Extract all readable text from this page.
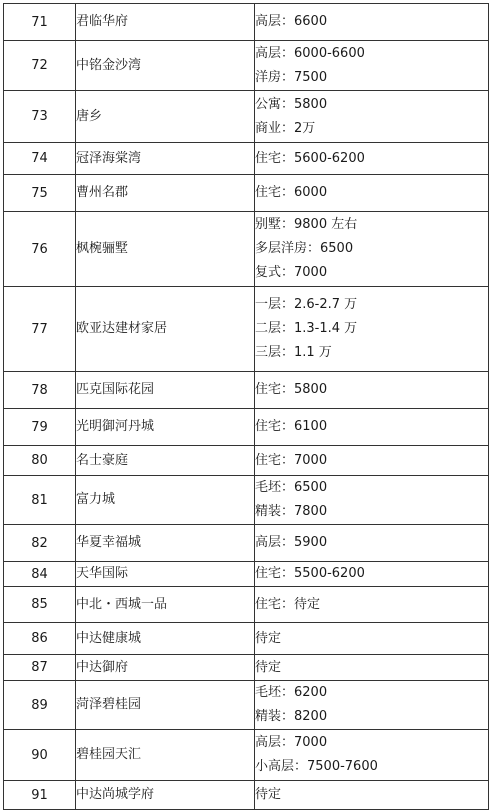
71	君临华府	高层：6600

72	中铭金沙湾	高层：6000-6600
洋房：7500

73	唐乡	公寓：5800
商业：2万

74	冠泽海棠湾	住宅：5600-6200

75	曹州名郡	住宅：6000

76	枫椀骊墅	别墅：9800 左右
多层洋房：6500
复式：7000

77	欧亚达建材家居	一层：2.6-2.7 万
二层：1.3-1.4 万
三层：1.1 万

78	匹克国际花园	住宅：5800

79	光明御河丹城	住宅：6100

80	名士豪庭	住宅：7000

81	富力城	毛坯：6500
精装：7800

82	华夏幸福城	高层：5900

84	天华国际	住宅：5500-6200

85	中北・西城一品	住宅：待定

86	中达健康城	待定

87	中达御府	待定

89	菏泽碧桂园	毛坯：6200
精装：8200

90	碧桂园天汇	高层：7000
小高层：7500-7600

91	中达尚城学府	待定
